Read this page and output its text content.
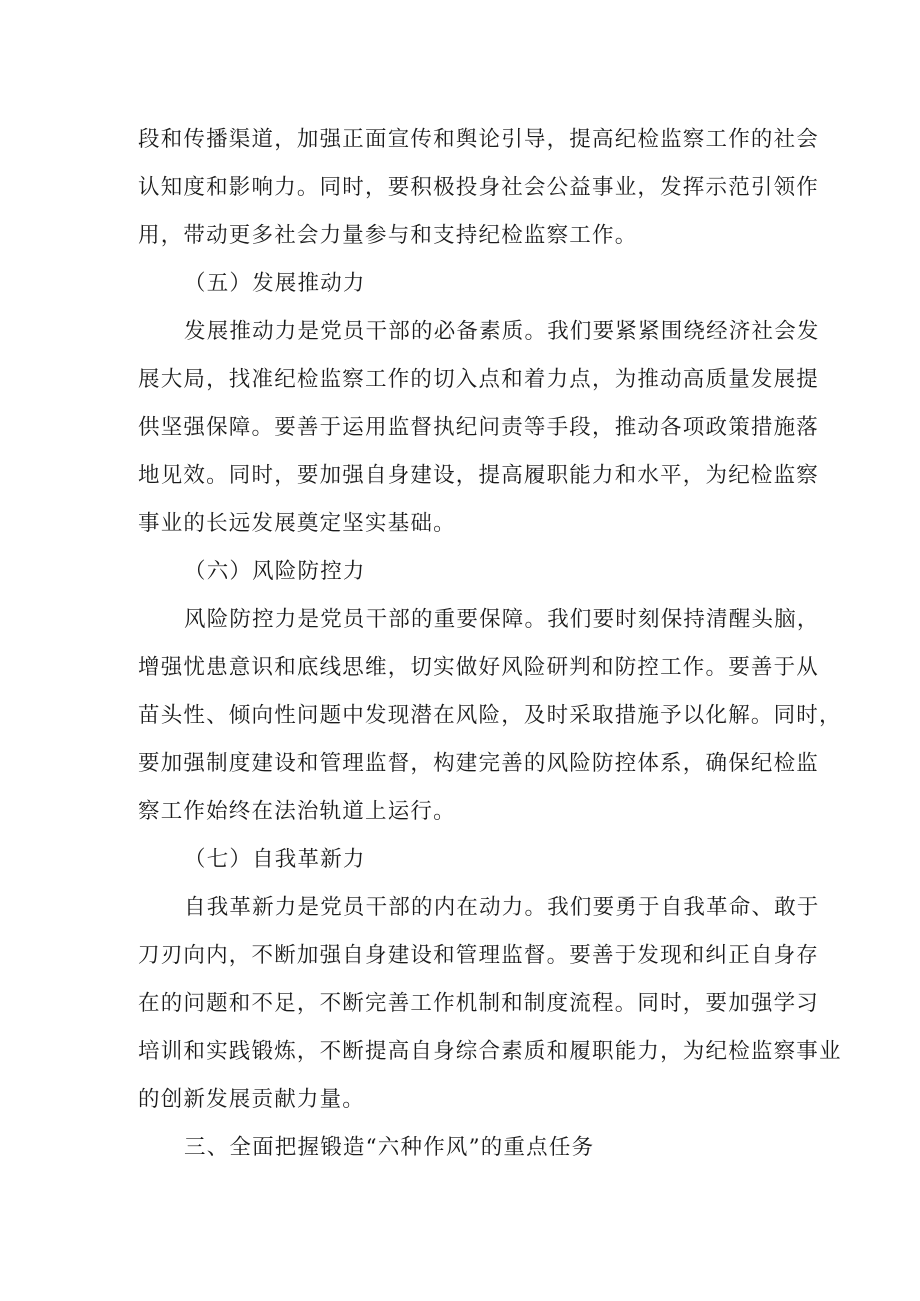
段和传播渠道，加强正面宣传和舆论引导，提高纪检监察工作的社会
认知度和影响力。同时，要积极投身社会公益事业，发挥示范引领作
用，带动更多社会力量参与和支持纪检监察工作。
（五）发展推动力
发展推动力是党员干部的必备素质。我们要紧紧围绕经济社会发
展大局，找准纪检监察工作的切入点和着力点，为推动高质量发展提
供坚强保障。要善于运用监督执纪问责等手段，推动各项政策措施落
地见效。同时，要加强自身建设，提高履职能力和水平，为纪检监察
事业的长远发展奠定坚实基础。
（六）风险防控力
风险防控力是党员干部的重要保障。我们要时刻保持清醒头脑，
增强忧患意识和底线思维，切实做好风险研判和防控工作。要善于从
苗头性、倾向性问题中发现潜在风险，及时采取措施予以化解。同时，
要加强制度建设和管理监督，构建完善的风险防控体系，确保纪检监
察工作始终在法治轨道上运行。
（七）自我革新力
自我革新力是党员干部的内在动力。我们要勇于自我革命、敢于
刀刃向内，不断加强自身建设和管理监督。要善于发现和纠正自身存
在的问题和不足，不断完善工作机制和制度流程。同时，要加强学习
培训和实践锻炼，不断提高自身综合素质和履职能力，为纪检监察事业
的创新发展贡献力量。
三、全面把握锻造“六种作风”的重点任务
